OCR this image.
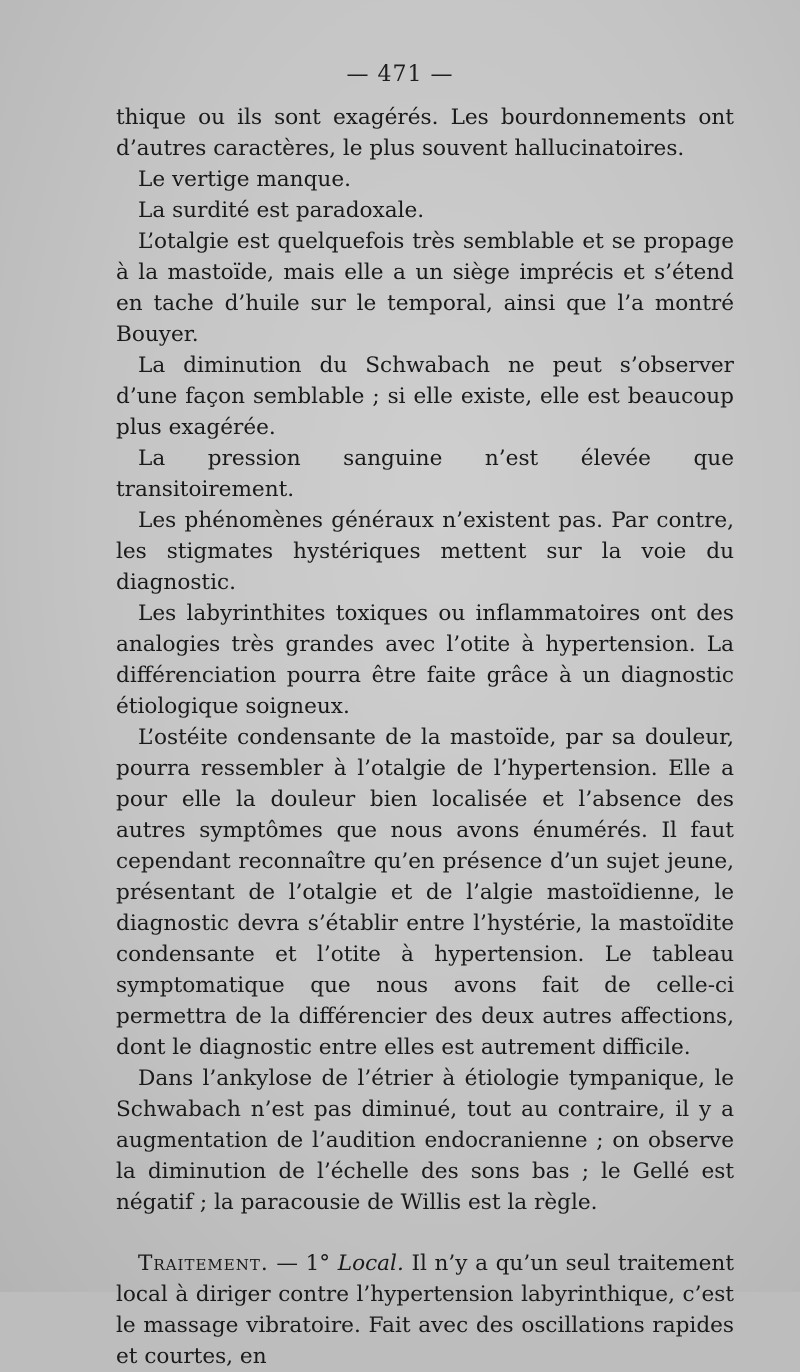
— 471 —

thique ou ils sont exagérés. Les bourdonnements ont d’autres caractères, le plus souvent hallucinatoires.

Le vertige manque.

La surdité est paradoxale.

L’otalgie est quelquefois très semblable et se propage à la mastoïde, mais elle a un siège imprécis et s’étend en tache d’huile sur le temporal, ainsi que l’a montré Bouyer.

La diminution du Schwabach ne peut s’observer d’une façon semblable ; si elle existe, elle est beaucoup plus exagérée.

La pression sanguine n’est élevée que transitoirement.

Les phénomènes généraux n’existent pas. Par contre, les stigmates hystériques mettent sur la voie du diagnostic.

Les labyrinthites toxiques ou inflammatoires ont des analogies très grandes avec l’otite à hypertension. La différenciation pourra être faite grâce à un diagnostic étiologique soigneux.

L’ostéite condensante de la mastoïde, par sa douleur, pourra ressembler à l’otalgie de l’hypertension. Elle a pour elle la douleur bien localisée et l’absence des autres symptômes que nous avons énumérés. Il faut cependant reconnaître qu’en présence d’un sujet jeune, présentant de l’otalgie et de l’algie mastoïdienne, le diagnostic devra s’établir entre l’hystérie, la mastoïdite condensante et l’otite à hypertension. Le tableau symptomatique que nous avons fait de celle-ci permettra de la différencier des deux autres affections, dont le diagnostic entre elles est autrement difficile.

Dans l’ankylose de l’étrier à étiologie tympanique, le Schwabach n’est pas diminué, tout au contraire, il y a augmentation de l’audition endocranienne ; on observe la diminution de l’échelle des sons bas ; le Gellé est négatif ; la paracousie de Willis est la règle.

Traitement. — 1° Local. Il n’y a qu’un seul traitement local à diriger contre l’hypertension labyrinthique, c’est le massage vibratoire. Fait avec des oscillations rapides et courtes, en
